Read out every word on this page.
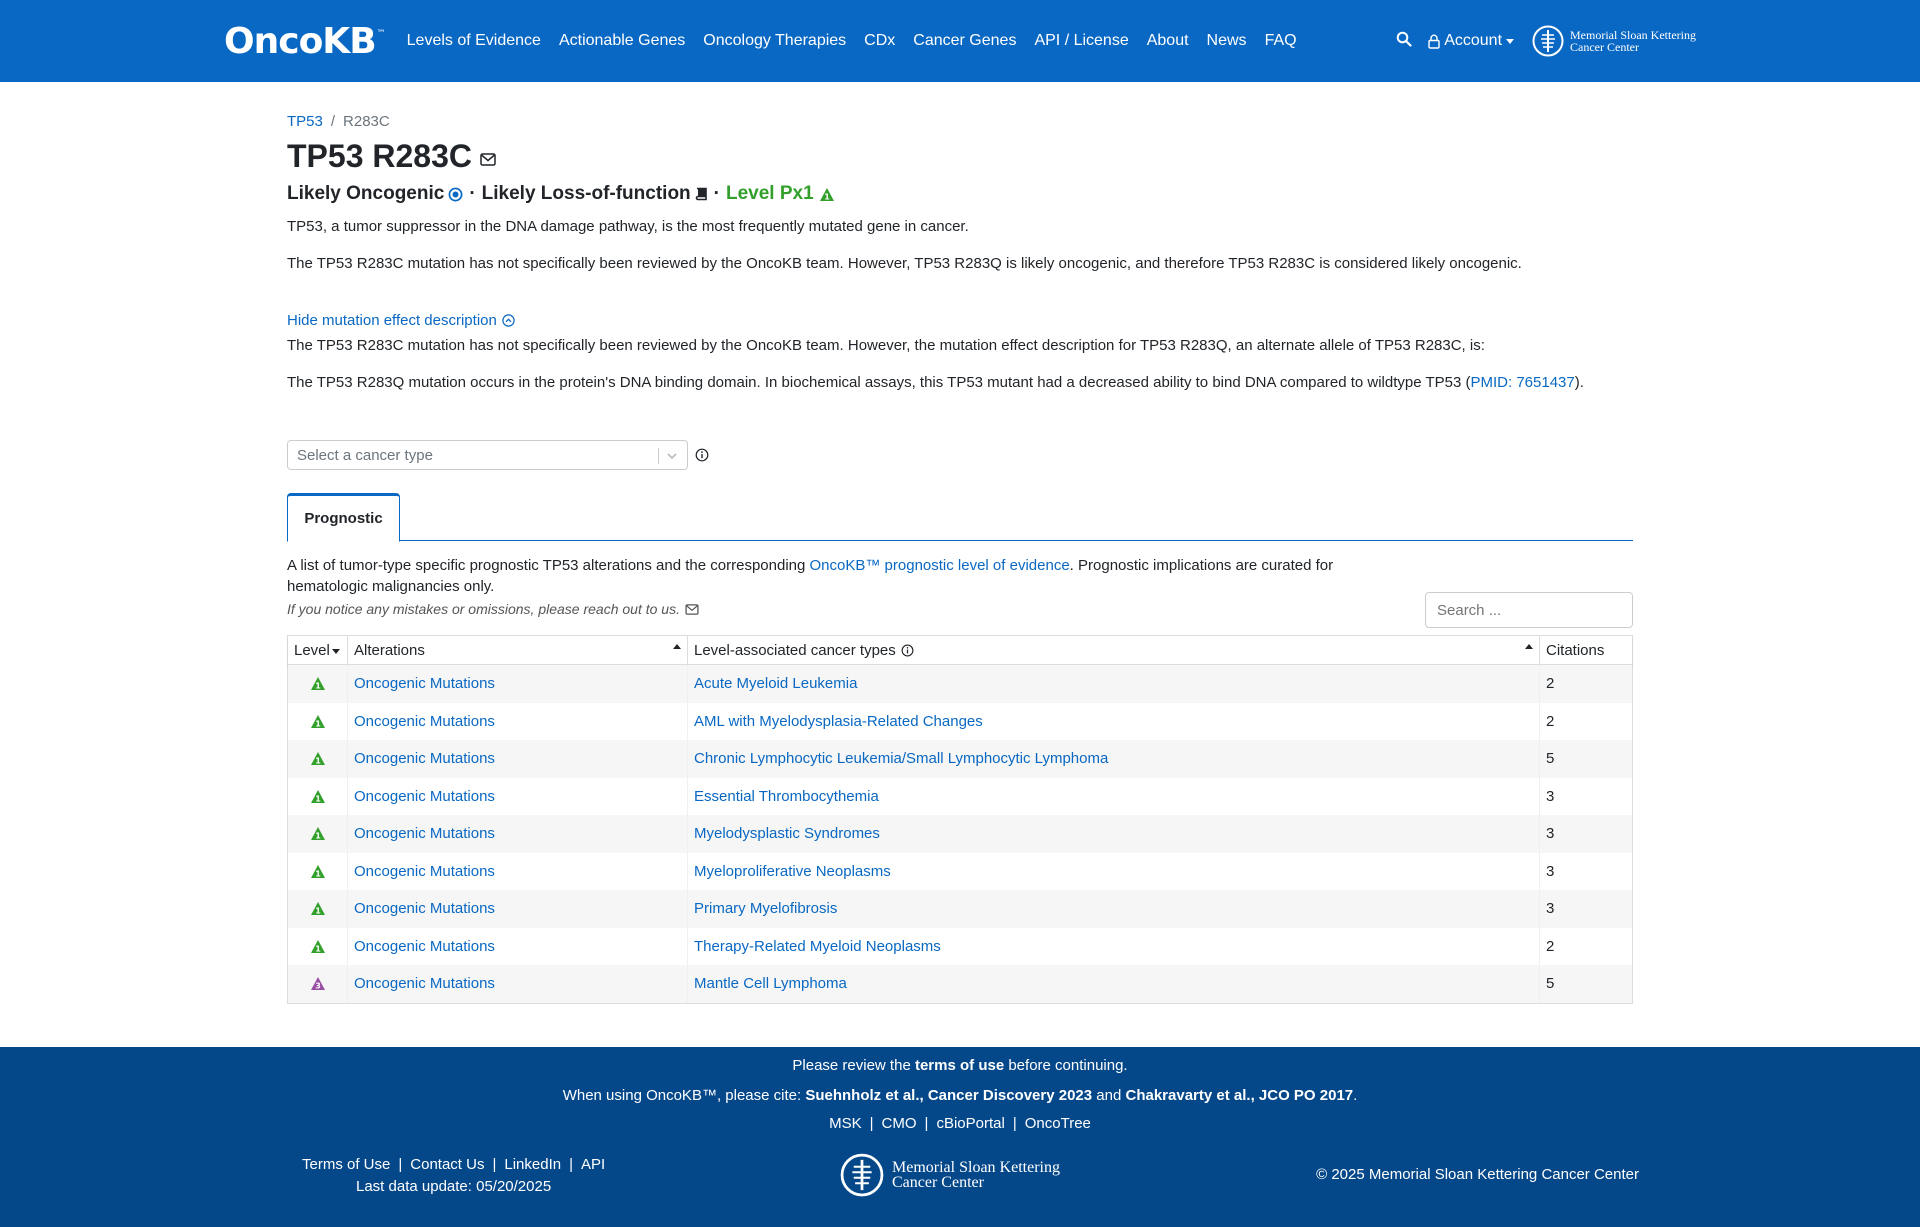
OncoKB ™ Levels of Evidence Actionable Genes Oncology Therapies CDx Cancer Genes API / License About News FAQ	Account	Memorial Sloan Kettering
Cancer Center
TP53 / R283C
TP53 R283C
Likely Oncogenic · Likely Loss-of-function · Level Px1 1

TP53, a tumor suppressor in the DNA damage pathway, is the most frequently mutated gene in cancer.

The TP53 R283C mutation has not specifically been reviewed by the OncoKB team. However, TP53 R283Q is likely oncogenic, and therefore TP53 R283C is considered likely oncogenic.

Hide mutation effect description

The TP53 R283C mutation has not specifically been reviewed by the OncoKB team. However, the mutation effect description for TP53 R283Q, an alternate allele of TP53 R283C, is:

The TP53 R283Q mutation occurs in the protein's DNA binding domain. In biochemical assays, this TP53 mutant had a decreased ability to bind DNA compared to wildtype TP53 (PMID: 7651437).

Select a cancer type
Prognostic

A list of tumor-type specific prognostic TP53 alterations and the corresponding OncoKB™ prognostic level of evidence. Prognostic implications are curated for hematologic malignancies only.

If you notice any mistakes or omissions, please reach out to us.
Search ...
Level Alterations	Level-associated cancer types	Citations
1 Oncogenic Mutations	Acute Myeloid Leukemia	2
1 Oncogenic Mutations	AML with Myelodysplasia-Related Changes	2
1 Oncogenic Mutations	Chronic Lymphocytic Leukemia/Small Lymphocytic Lymphoma	5
1 Oncogenic Mutations	Essential Thrombocythemia	3
1 Oncogenic Mutations	Myelodysplastic Syndromes	3
1 Oncogenic Mutations	Myeloproliferative Neoplasms	3
1 Oncogenic Mutations	Primary Myelofibrosis	3
1 Oncogenic Mutations	Therapy-Related Myeloid Neoplasms	2
3 Oncogenic Mutations	Mantle Cell Lymphoma	5
Please review the terms of use before continuing.
When using OncoKB™, please cite: Suehnholz et al., Cancer Discovery 2023 and Chakravarty et al., JCO PO 2017.
MSK | CMO | cBioPortal | OncoTree
Terms of Use | Contact Us | LinkedIn | API
Last data update: 05/20/2025
Memorial Sloan Kettering
Cancer Center	© 2025 Memorial Sloan Kettering Cancer Center
